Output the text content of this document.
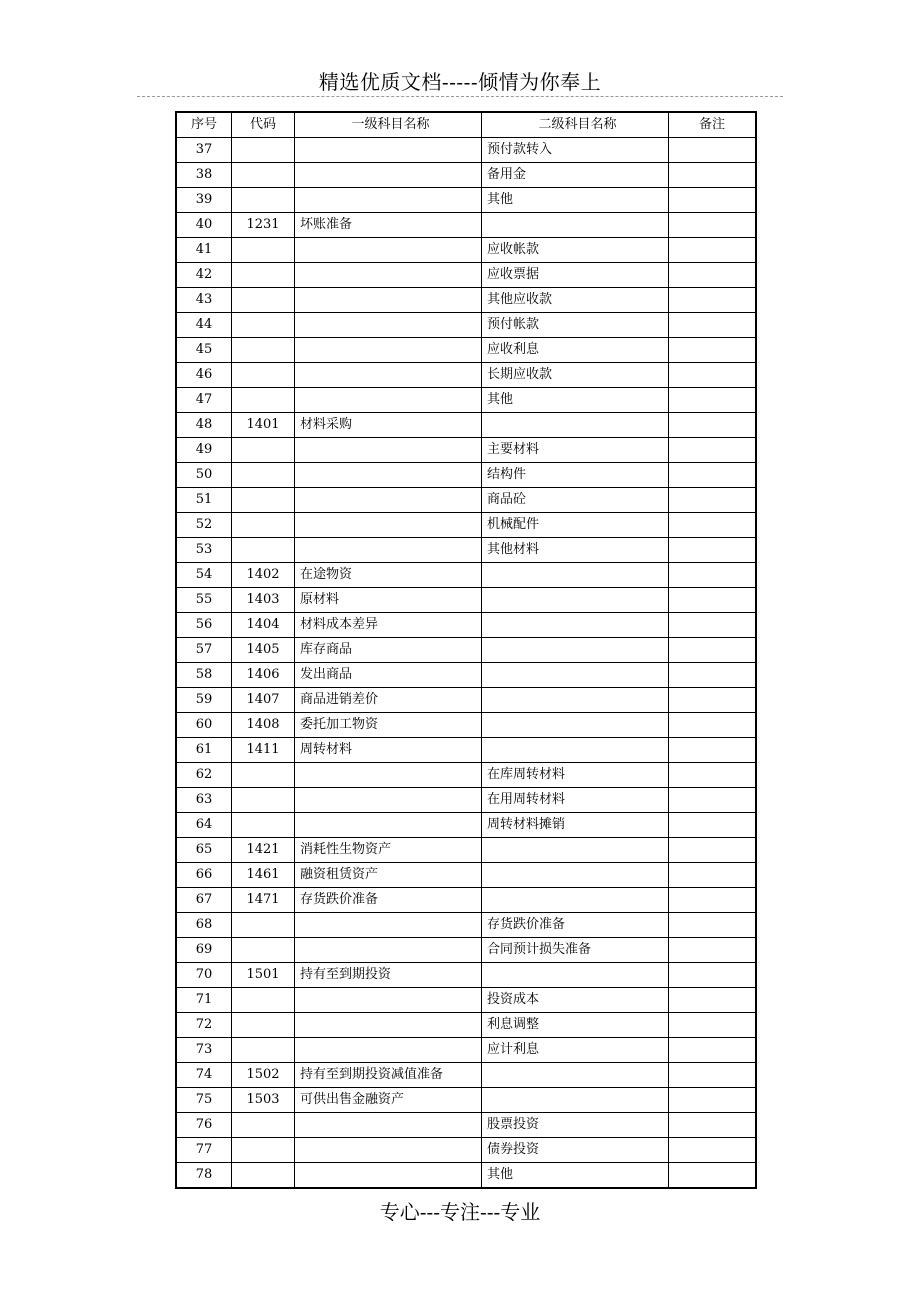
精选优质文档-----倾情为你奉上
序号	代码	一级科目名称	二级科目名称	备注
37			预付款转入	
38			备用金	
39			其他	
40	1231	坏账准备		
41			应收帐款	
42			应收票据	
43			其他应收款	
44			预付帐款	
45			应收利息	
46			长期应收款	
47			其他	
48	1401	材料采购		
49			主要材料	
50			结构件	
51			商品砼	
52			机械配件	
53			其他材料	
54	1402	在途物资		
55	1403	原材料		
56	1404	材料成本差异		
57	1405	库存商品		
58	1406	发出商品		
59	1407	商品进销差价		
60	1408	委托加工物资		
61	1411	周转材料		
62			在库周转材料	
63			在用周转材料	
64			周转材料摊销	
65	1421	消耗性生物资产		
66	1461	融资租赁资产		
67	1471	存货跌价准备		
68			存货跌价准备	
69			合同预计损失准备	
70	1501	持有至到期投资		
71			投资成本	
72			利息调整	
73			应计利息	
74	1502	持有至到期投资减值准备		
75	1503	可供出售金融资产		
76			股票投资	
77			债券投资	
78			其他	
专心---专注---专业
